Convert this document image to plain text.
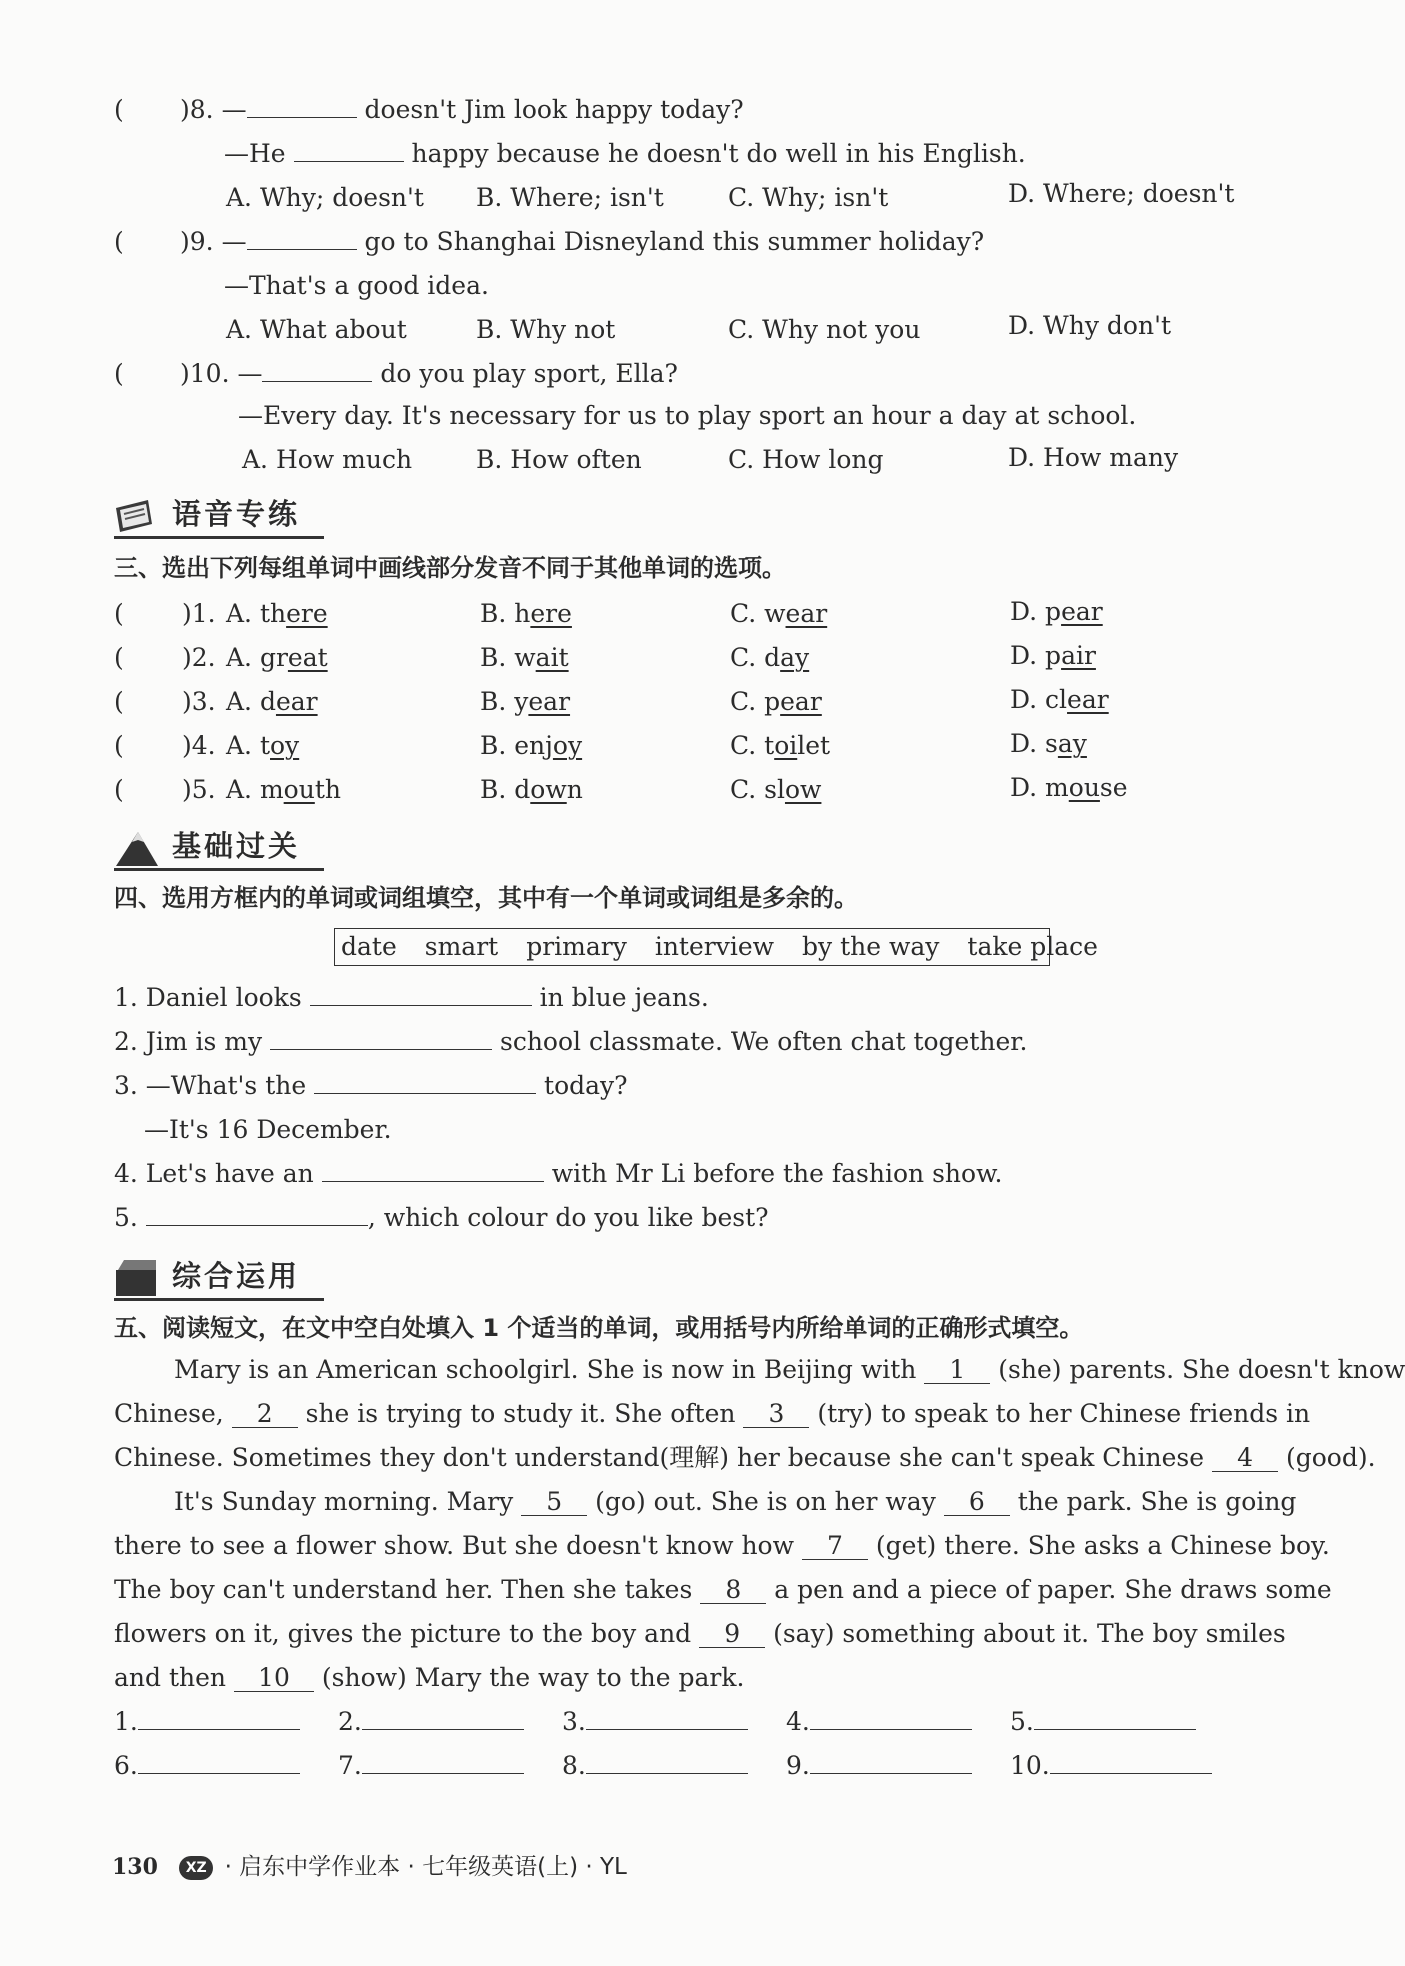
( )8. —	doesn't Jim look happy today?
—He	happy because he doesn't do well in his English.
A. Why; doesn't B. Where; isn't	C. Why; isn't	D. Where; doesn't
( )9. —	go to Shanghai Disneyland this summer holiday?
—That's a good idea.
A. What about	B. Why not	C. Why not you	D. Why don't
( )10. —	do you play sport, Ella?
—Every day. It's necessary for us to play sport an hour a day at school.
A. How much	B. How often	C. How long	D. How many
语音专练
三、选出下列每组单词中画线部分发音不同于其他单词的选项。
( )1. A. there	B. here	C. wear	D. pear
( )2. A. great	B. wait	C. day	D. pair
( )3. A. dear	B. year	C. pear	D. clear
( )4. A. toy	B. enjoy	C. toilet	D. say
( )5. A. mouth	B. down	C. slow	D. mouse
基础过关
四、选用方框内的单词或词组填空，其中有一个单词或词组是多余的。
date smart primary interview by the way take place
1. Daniel looks	in blue jeans.
2. Jim is my	school classmate. We often chat together.
3. —What's the	today?
—It's 16 December.
4. Let's have an	with Mr Li before the fashion show.
5.	, which colour do you like best?
综合运用
五、阅读短文，在文中空白处填入 1 个适当的单词，或用括号内所给单词的正确形式填空。
Mary is an American schoolgirl. She is now in Beijing with 1 (she) parents. She doesn't know
Chinese, 2 she is trying to study it. She often 3 (try) to speak to her Chinese friends in
Chinese. Sometimes they don't understand(理解) her because she can't speak Chinese 4 (good).
It's Sunday morning. Mary 5 (go) out. She is on her way 6 the park. She is going
there to see a flower show. But she doesn't know how 7 (get) there. She asks a Chinese boy.
The boy can't understand her. Then she takes 8 a pen and a piece of paper. She draws some
flowers on it, gives the picture to the boy and 9 (say) something about it. The boy smiles
and then 10 (show) Mary the way to the park.
1.	2.	3.	4.	5.
6.	7.	8.	9.	10.
130 XZ · 启东中学作业本 · 七年级英语(上) · YL
